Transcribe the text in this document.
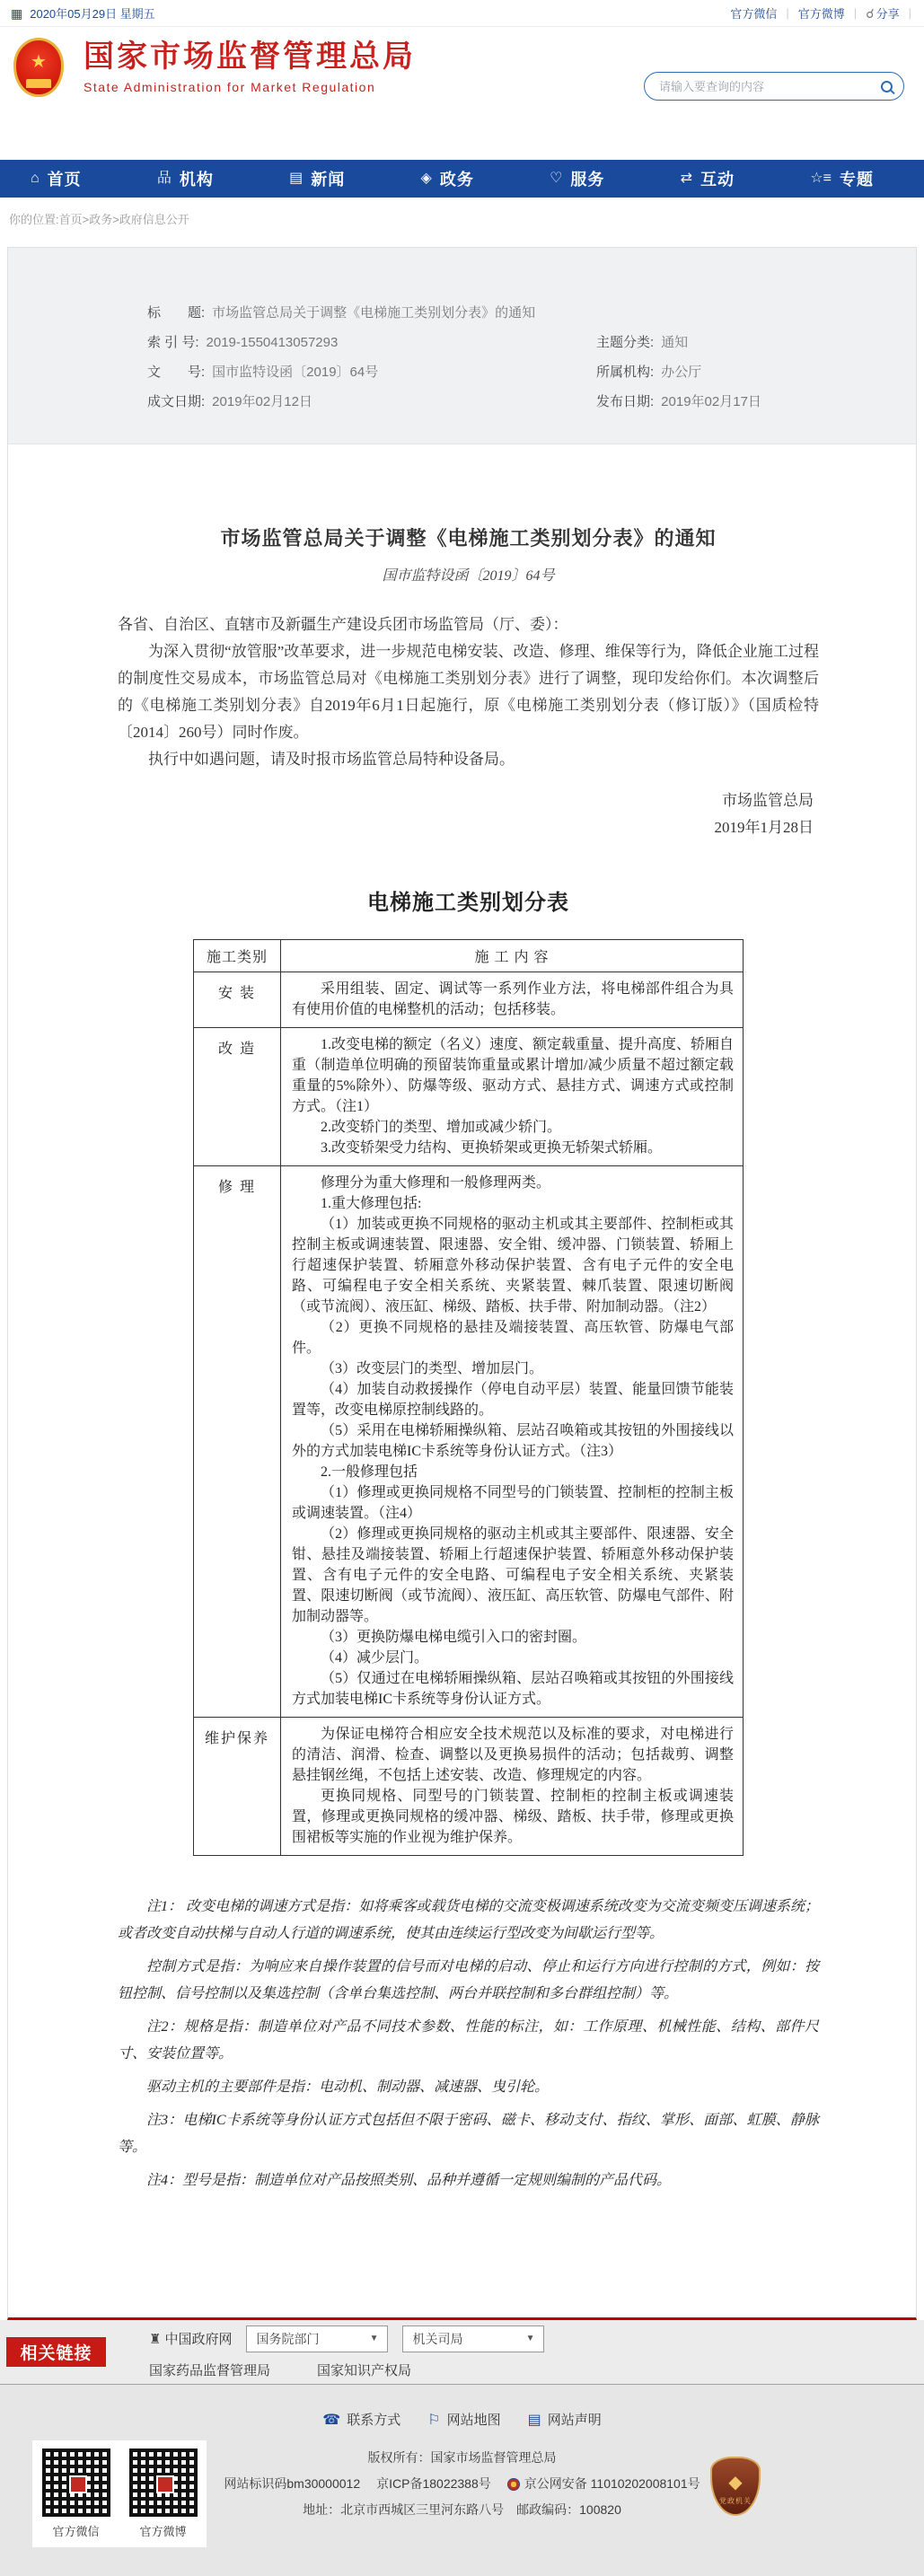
▦ 2020年05月29日 星期五	官方微信 | 官方微博 | ☌ 分享 |
★ 国家市场监督管理总局
State Administration for Market Regulation
请输入要查询的内容
⌂ 首页	品 机构	▤ 新闻	◈ 政务	♡ 服务	⇄ 互动	☆≡ 专题
你的位置:首页>政务>政府信息公开
标　　题: 市场监管总局关于调整《电梯施工类别划分表》的通知
索 引 号: 2019-1550413057293	主题分类: 通知
文　　号: 国市监特设函〔2019〕64号	所属机构: 办公厅
成文日期: 2019年02月12日	发布日期: 2019年02月17日
市场监管总局关于调整《电梯施工类别划分表》的通知
国市监特设函〔2019〕64号

各省、自治区、直辖市及新疆生产建设兵团市场监管局（厅、委）：

为深入贯彻“放管服”改革要求，进一步规范电梯安装、改造、修理、维保等行为，降低企业施工过程的制度性交易成本，市场监管总局对《电梯施工类别划分表》进行了调整，现印发给你们。本次调整后的《电梯施工类别划分表》自2019年6月1日起施行，原《电梯施工类别划分表（修订版）》（国质检特〔2014〕260号）同时作废。

执行中如遇问题，请及时报市场监管总局特种设备局。

市场监管总局
2019年1月28日
电梯施工类别划分表
施工类别	施 工 内 容
安 装	采用组装、固定、调试等一系列作业方法，将电梯部件组合为具有使用价值的电梯整机的活动；包括移装。

改 造	1.改变电梯的额定（名义）速度、额定载重量、提升高度、轿厢自重（制造单位明确的预留装饰重量或累计增加/减少质量不超过额定载重量的5%除外）、防爆等级、驱动方式、悬挂方式、调速方式或控制方式。（注1）

2.改变轿门的类型、增加或减少轿门。

3.改变轿架受力结构、更换轿架或更换无轿架式轿厢。

修 理	修理分为重大修理和一般修理两类。

1.重大修理包括:

（1）加装或更换不同规格的驱动主机或其主要部件、控制柜或其控制主板或调速装置、限速器、安全钳、缓冲器、门锁装置、轿厢上行超速保护装置、轿厢意外移动保护装置、含有电子元件的安全电路、可编程电子安全相关系统、夹紧装置、棘爪装置、限速切断阀（或节流阀）、液压缸、梯级、踏板、扶手带、附加制动器。（注2）

（2）更换不同规格的悬挂及端接装置、高压软管、防爆电气部件。

（3）改变层门的类型、增加层门。

（4）加装自动救援操作（停电自动平层）装置、能量回馈节能装置等，改变电梯原控制线路的。

（5）采用在电梯轿厢操纵箱、层站召唤箱或其按钮的外围接线以外的方式加装电梯IC卡系统等身份认证方式。（注3）

2.一般修理包括

（1）修理或更换同规格不同型号的门锁装置、控制柜的控制主板或调速装置。（注4）

（2）修理或更换同规格的驱动主机或其主要部件、限速器、安全钳、悬挂及端接装置、轿厢上行超速保护装置、轿厢意外移动保护装置、含有电子元件的安全电路、可编程电子安全相关系统、夹紧装置、限速切断阀（或节流阀）、液压缸、高压软管、防爆电气部件、附加制动器等。

（3）更换防爆电梯电缆引入口的密封圈。

（4）减少层门。

（5）仅通过在电梯轿厢操纵箱、层站召唤箱或其按钮的外围接线方式加装电梯IC卡系统等身份认证方式。

维护保养	为保证电梯符合相应安全技术规范以及标准的要求，对电梯进行的清洁、润滑、检查、调整以及更换易损件的活动；包括裁剪、调整悬挂钢丝绳，不包括上述安装、改造、修理规定的内容。

更换同规格、同型号的门锁装置、控制柜的控制主板或调速装置，修理或更换同规格的缓冲器、梯级、踏板、扶手带，修理或更换围裙板等实施的作业视为维护保养。

注1： 改变电梯的调速方式是指：如将乘客或载货电梯的交流变极调速系统改变为交流变频变压调速系统；或者改变自动扶梯与自动人行道的调速系统，使其由连续运行型改变为间歇运行型等。

控制方式是指：为响应来自操作装置的信号而对电梯的启动、停止和运行方向进行控制的方式，例如：按钮控制、信号控制以及集选控制（含单台集选控制、两台并联控制和多台群组控制）等。

注2：规格是指：制造单位对产品不同技术参数、性能的标注，如：工作原理、机械性能、结构、部件尺寸、安装位置等。

驱动主机的主要部件是指：电动机、制动器、减速器、曳引轮。

注3：电梯IC卡系统等身份认证方式包括但不限于密码、磁卡、移动支付、指纹、掌形、面部、虹膜、静脉等。

注4：型号是指：制造单位对产品按照类别、品种并遵循一定规则编制的产品代码。

相关链接
♜ 中国政府网 国务院部门	▼	机关司局	▼
国家药品监督管理局	国家知识产权局
☎ 联系方式 ⚐ 网站地图 ▤ 网站声明
版权所有：国家市场监督管理总局
网站标识码bm30000012 京ICP备18022388号	京公网安备 11010202008101号
地址：北京市西城区三里河东路八号　邮政编码：100820
官方微信	官方微博
◆
党政机关
